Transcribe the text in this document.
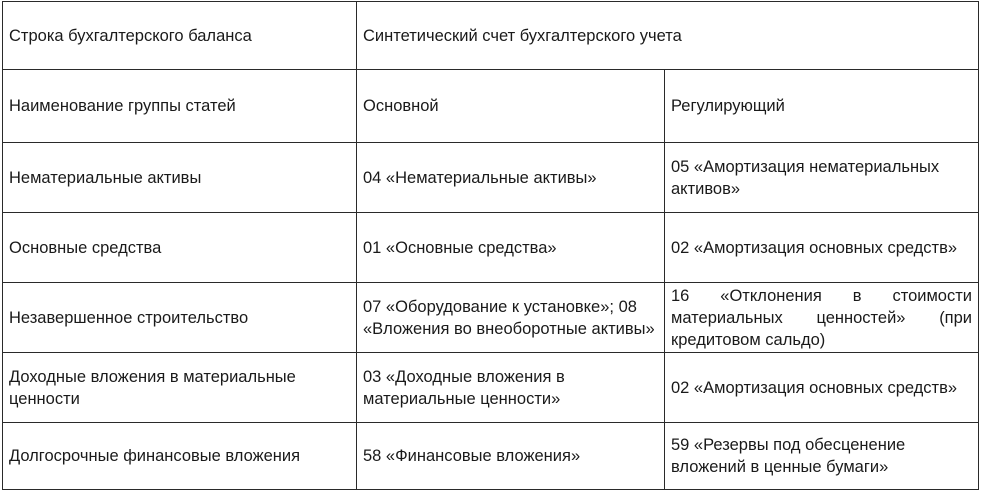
Строка бухгалтерского баланса	Синтетический счет бухгалтерского учета	
Наименование группы статей	Основной	Регулирующий
Нематериальные активы	04 «Нематериальные активы»	05 «Амортизация нематериальных активов»
Основные средства	01 «Основные средства»	02 «Амортизация основных средств»
Незавершенное строительство	07 «Оборудование к установке»; 08 «Вложения во внеоборотные активы»	16 «Отклонения в стоимости материальных ценностей» (при кредитовом сальдо)
Доходные вложения в материальные ценности	03 «Доходные вложения в материальные ценности»	02 «Амортизация основных средств»
Долгосрочные финансовые вложения	58 «Финансовые вложения»	59 «Резервы под обесценение вложений в ценные бумаги»
